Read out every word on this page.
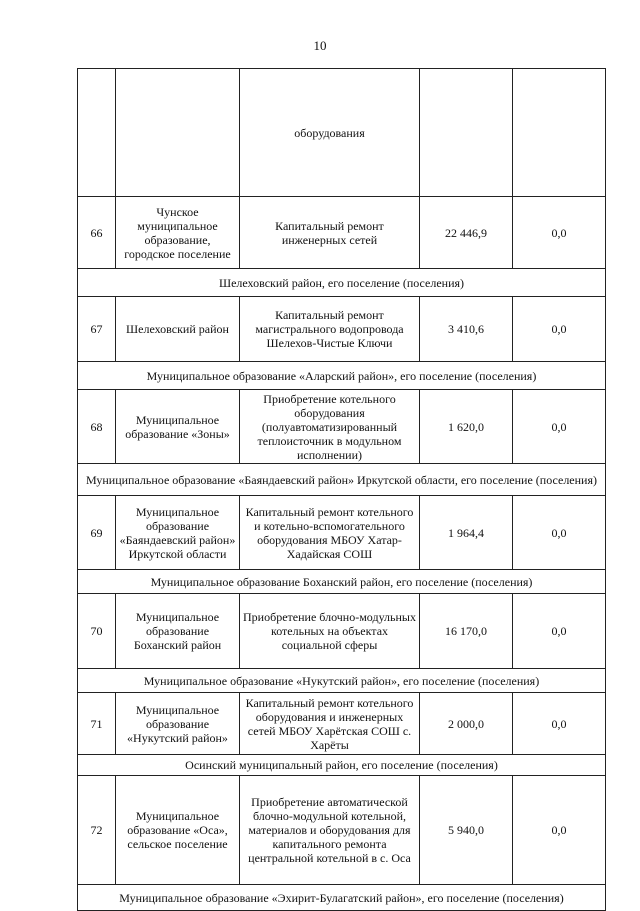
10
		оборудования		
66	Чунское муниципальное образование, городское поселение	Капитальный ремонт инженерных сетей	22 446,9	0,0
Шелеховский район, его поселение (поселения)				
67	Шелеховский район	Капитальный ремонт магистрального водопровода Шелехов-Чистые Ключи	3 410,6	0,0
Муниципальное образование «Аларский район», его поселение (поселения)				
68	Муниципальное образование «Зоны»	Приобретение котельного оборудования (полуавтоматизированный теплоисточник в модульном исполнении)	1 620,0	0,0
Муниципальное образование «Баяндаевский район» Иркутской области, его поселение (поселения)				
69	Муниципальное образование «Баяндаевский район» Иркутской области	Капитальный ремонт котельного и котельно-вспомогательного оборудования МБОУ Хатар-Хадайская СОШ	1 964,4	0,0
Муниципальное образование Боханский район, его поселение (поселения)				
70	Муниципальное образование Боханский район	Приобретение блочно-модульных котельных на объектах социальной сферы	16 170,0	0,0
Муниципальное образование «Нукутский район», его поселение (поселения)				
71	Муниципальное образование «Нукутский район»	Капитальный ремонт котельного оборудования и инженерных сетей МБОУ Харётская СОШ с. Харёты	2 000,0	0,0
Осинский муниципальный район, его поселение (поселения)				
72	Муниципальное образование «Оса», сельское поселение	Приобретение автоматической блочно-модульной котельной, материалов и оборудования для капитального ремонта центральной котельной в с. Оса	5 940,0	0,0
Муниципальное образование «Эхирит-Булагатский район», его поселение (поселения)				
